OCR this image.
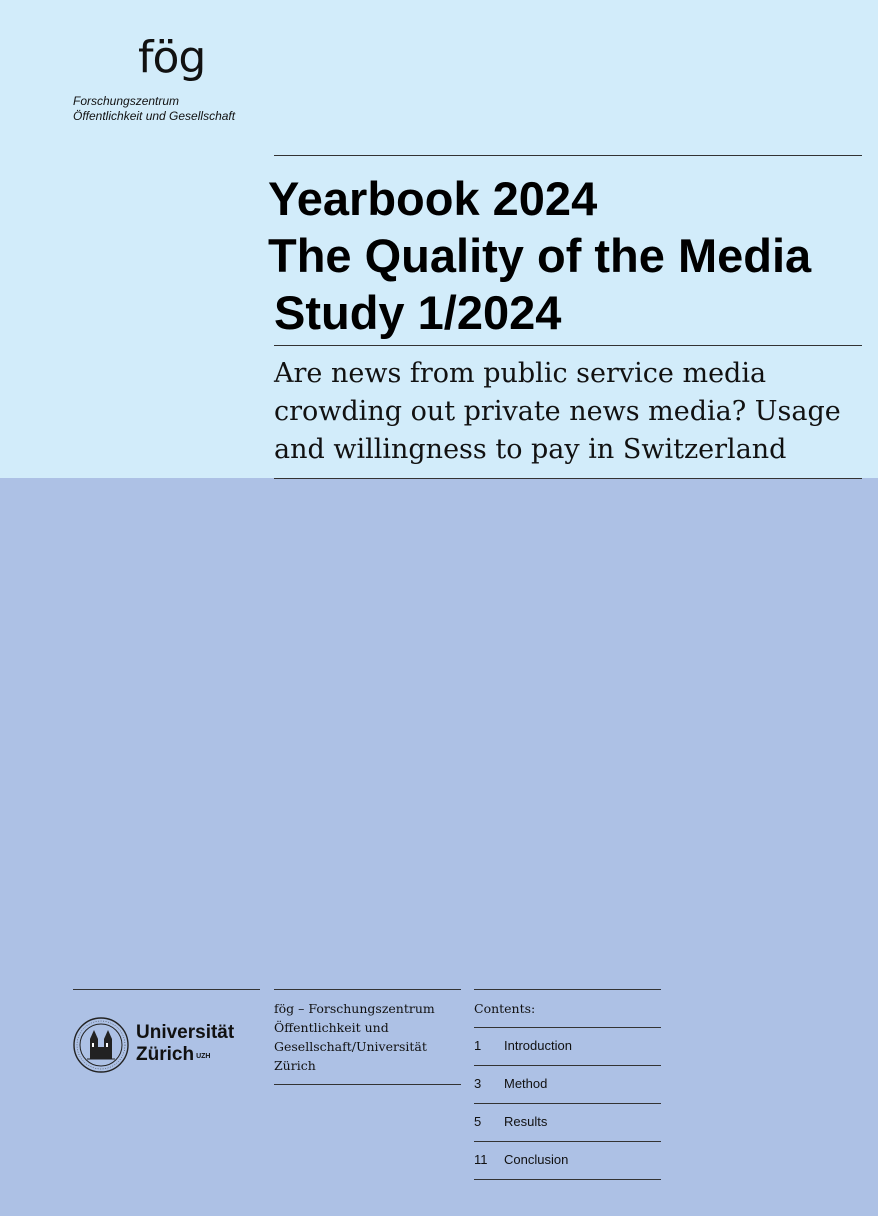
fög
Forschungszentrum
Öffentlichkeit und Gesellschaft
Yearbook 2024
The Quality of the Media
Study 1/2024
Are news from public service media
crowding out private news media? Usage
and willingness to pay in Switzerland
Universität
Zürich $^{UZH}$
fög – Forschungszentrum
Öffentlichkeit und
Gesellschaft/Universität
Zürich
Contents:
1 Introduction
3 Method
5 Results
11 Conclusion
